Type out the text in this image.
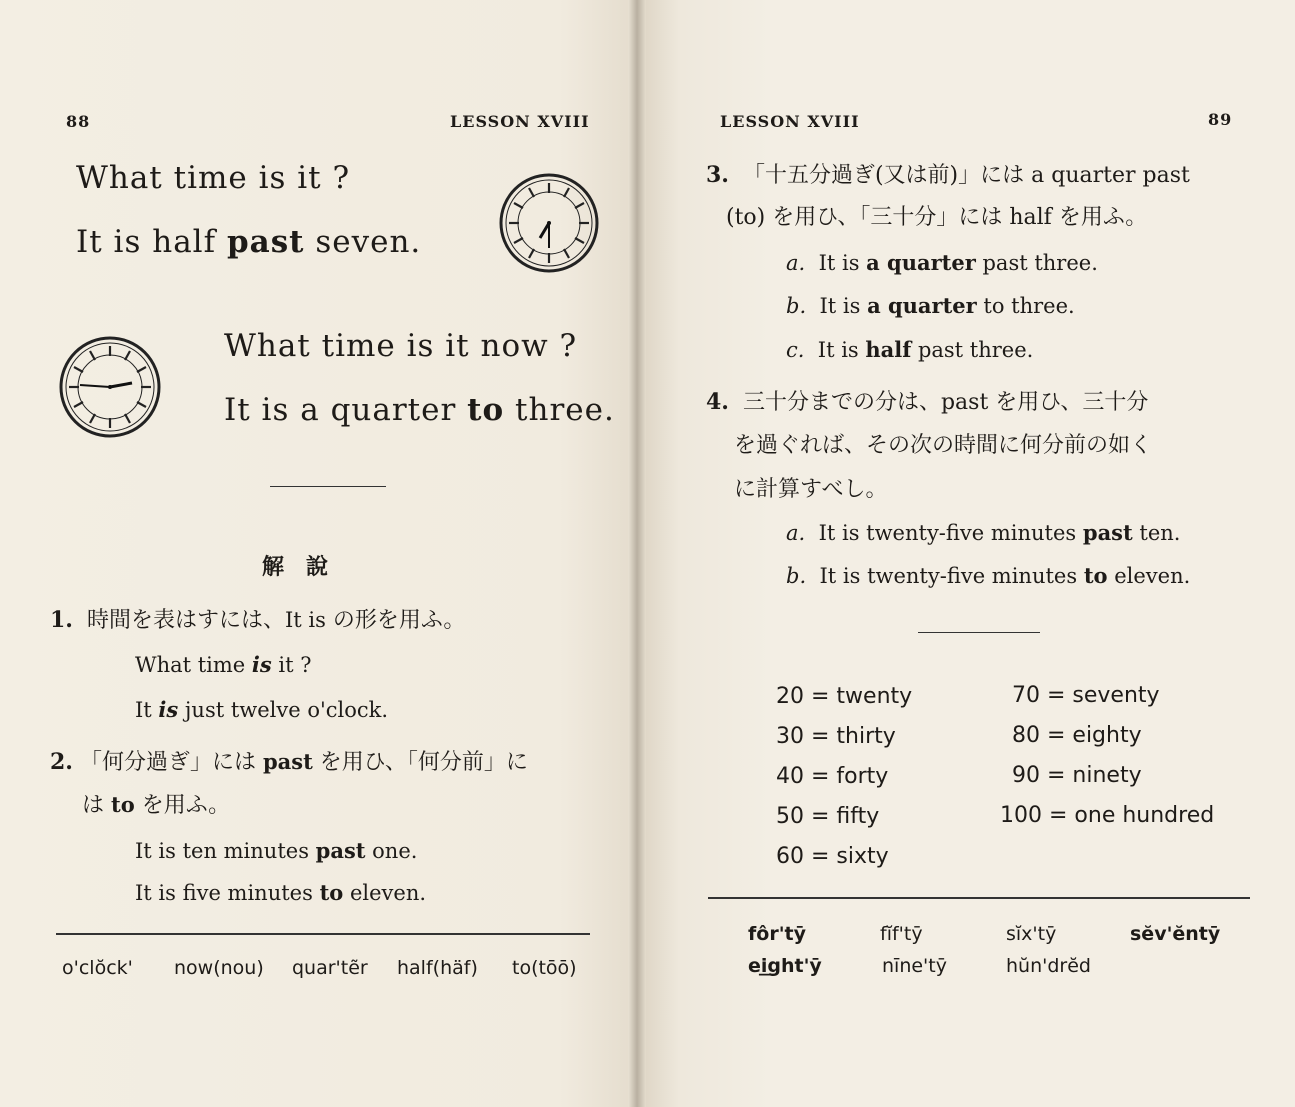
88	LESSON XVIII
What time is it ?
It is half past seven.
What time is it now ?
It is a quarter to three.
解　說
1. 時間を表はすには、It is の形を用ふ。
What time is it ?
It is just twelve o'clock.
2. 「何分過ぎ」には past を用ひ、「何分前」に
は to を用ふ。
It is ten minutes past one.
It is five minutes to eleven.
o'clŏck' now(nou) quar'tẽr half(häf) to(tōō)
LESSON XVIII	89
3. 「十五分過ぎ(又は前)」には a quarter past
(to) を用ひ、「三十分」には half を用ふ。
a. It is a quarter past three.
b. It is a quarter to three.
c. It is half past three.
4. 三十分までの分は、past を用ひ、三十分
を過ぐれば、その次の時間に何分前の如く
に計算すべし。
a. It is twenty-five minutes past ten.
b. It is twenty-five minutes to eleven.
20 = twenty
30 = thirty
40 = forty
50 = fifty
60 = sixty
70 = seventy
80 = eighty
90 = ninety
100 = one hundred
fôr'tȳ	fĭf'tȳ	sĭx'tȳ	sĕv'ĕntȳ
ei͟ght'ȳ	nīne'tȳ	hŭn'drĕd
